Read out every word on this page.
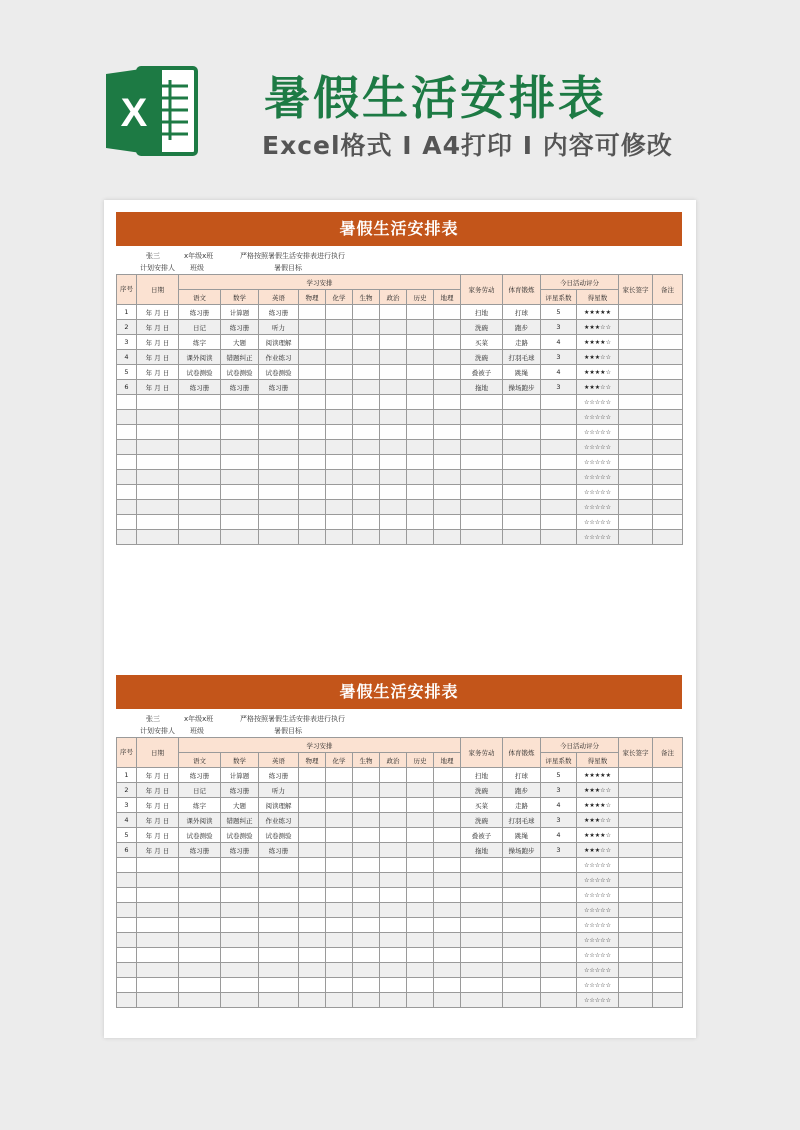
X	暑假生活安排表
Excel格式 I A4打印 I 内容可修改
暑假生活安排表
张三	x年级x班	严格按照暑假生活安排表进行执行
计划安排人 班级	暑假目标
序号	日期	学习安排									家务劳动	体育锻炼	今日活动评分		家长签字	备注
		语文	数学	英语	物理	化学	生物	政治	历史	地理			评星系数	得星数		
1	年 月 日	练习册	计算题	练习册							扫地	打球	5	★★★★★		
2	年 月 日	日记	练习册	听力							洗碗	跑步	3	★★★☆☆		
3	年 月 日	练字	大题	阅读理解							买菜	走路	4	★★★★☆		
4	年 月 日	课外阅读	错题纠正	作业练习							洗碗	打羽毛球	3	★★★☆☆		
5	年 月 日	试卷测验	试卷测验	试卷测验							叠被子	跳绳	4	★★★★☆		
6	年 月 日	练习册	练习册	练习册							拖地	操场跑步	3	★★★☆☆		
														☆☆☆☆☆		
														☆☆☆☆☆		
														☆☆☆☆☆		
														☆☆☆☆☆		
														☆☆☆☆☆		
														☆☆☆☆☆		
														☆☆☆☆☆		
														☆☆☆☆☆		
														☆☆☆☆☆		
														☆☆☆☆☆		
暑假生活安排表
张三	x年级x班	严格按照暑假生活安排表进行执行
计划安排人 班级	暑假目标
序号	日期	学习安排									家务劳动	体育锻炼	今日活动评分		家长签字	备注
		语文	数学	英语	物理	化学	生物	政治	历史	地理			评星系数	得星数		
1	年 月 日	练习册	计算题	练习册							扫地	打球	5	★★★★★		
2	年 月 日	日记	练习册	听力							洗碗	跑步	3	★★★☆☆		
3	年 月 日	练字	大题	阅读理解							买菜	走路	4	★★★★☆		
4	年 月 日	课外阅读	错题纠正	作业练习							洗碗	打羽毛球	3	★★★☆☆		
5	年 月 日	试卷测验	试卷测验	试卷测验							叠被子	跳绳	4	★★★★☆		
6	年 月 日	练习册	练习册	练习册							拖地	操场跑步	3	★★★☆☆		
														☆☆☆☆☆		
														☆☆☆☆☆		
														☆☆☆☆☆		
														☆☆☆☆☆		
														☆☆☆☆☆		
														☆☆☆☆☆		
														☆☆☆☆☆		
														☆☆☆☆☆		
														☆☆☆☆☆		
														☆☆☆☆☆		
